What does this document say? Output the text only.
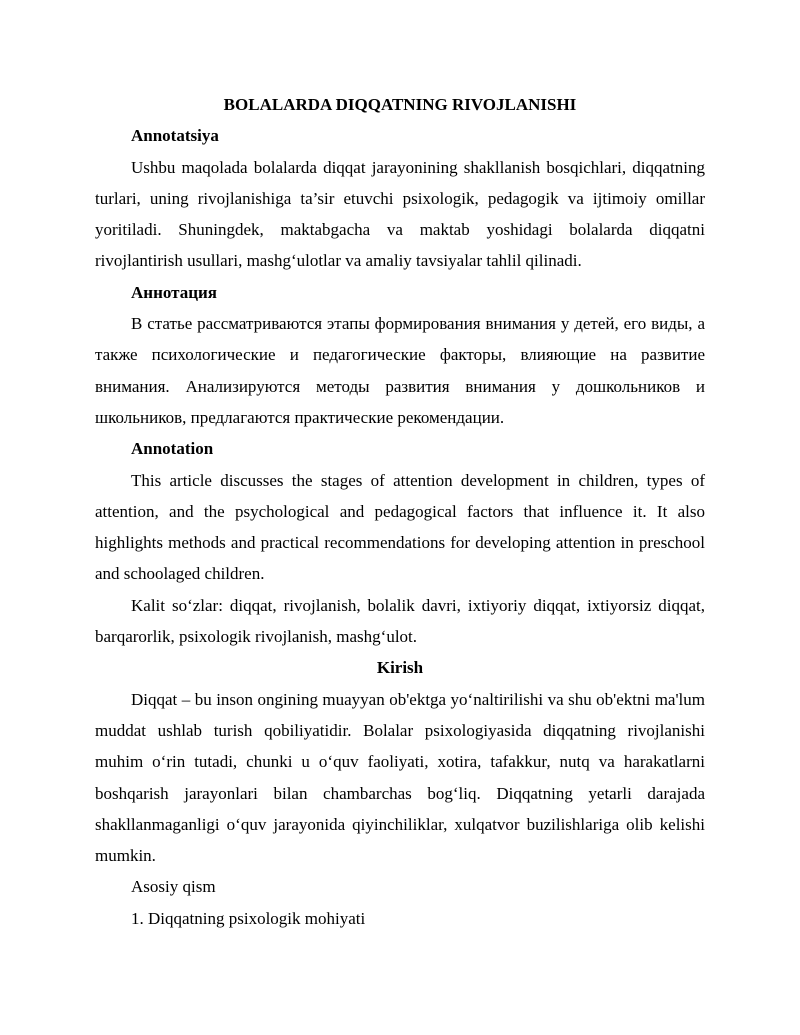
BOLALARDA DIQQATNING RIVOJLANISHI

Annotatsiya

Ushbu maqolada bolalarda diqqat jarayonining shakllanish bosqichlari, diqqatning turlari, uning rivojlanishiga ta’sir etuvchi psixologik, pedagogik va ijtimoiy omillar yoritiladi. Shuningdek, maktabgacha va maktab yoshidagi bolalarda diqqatni rivojlantirish usullari, mashg‘ulotlar va amaliy tavsiyalar tahlil qilinadi.

Аннотация

В статье рассматриваются этапы формирования внимания у детей, его виды, а также психологические и педагогические факторы, влияющие на развитие внимания. Анализируются методы развития внимания у дошкольников и школьников, предлагаются практические рекомендации.

Annotation

This article discusses the stages of attention development in children, types of attention, and the psychological and pedagogical factors that influence it. It also highlights methods and practical recommendations for developing attention in preschool and schoolaged children.

Kalit so‘zlar: diqqat, rivojlanish, bolalik davri, ixtiyoriy diqqat, ixtiyorsiz diqqat, barqarorlik, psixologik rivojlanish, mashg‘ulot.

Kirish

Diqqat – bu inson ongining muayyan ob'ektga yo‘naltirilishi va shu ob'ektni ma'lum muddat ushlab turish qobiliyatidir. Bolalar psixologiyasida diqqatning rivojlanishi muhim o‘rin tutadi, chunki u o‘quv faoliyati, xotira, tafakkur, nutq va harakatlarni boshqarish jarayonlari bilan chambarchas bog‘liq. Diqqatning yetarli darajada shakllanmaganligi o‘quv jarayonida qiyinchiliklar, xulqatvor buzilishlariga olib kelishi mumkin.

Asosiy qism

1. Diqqatning psixologik mohiyati
